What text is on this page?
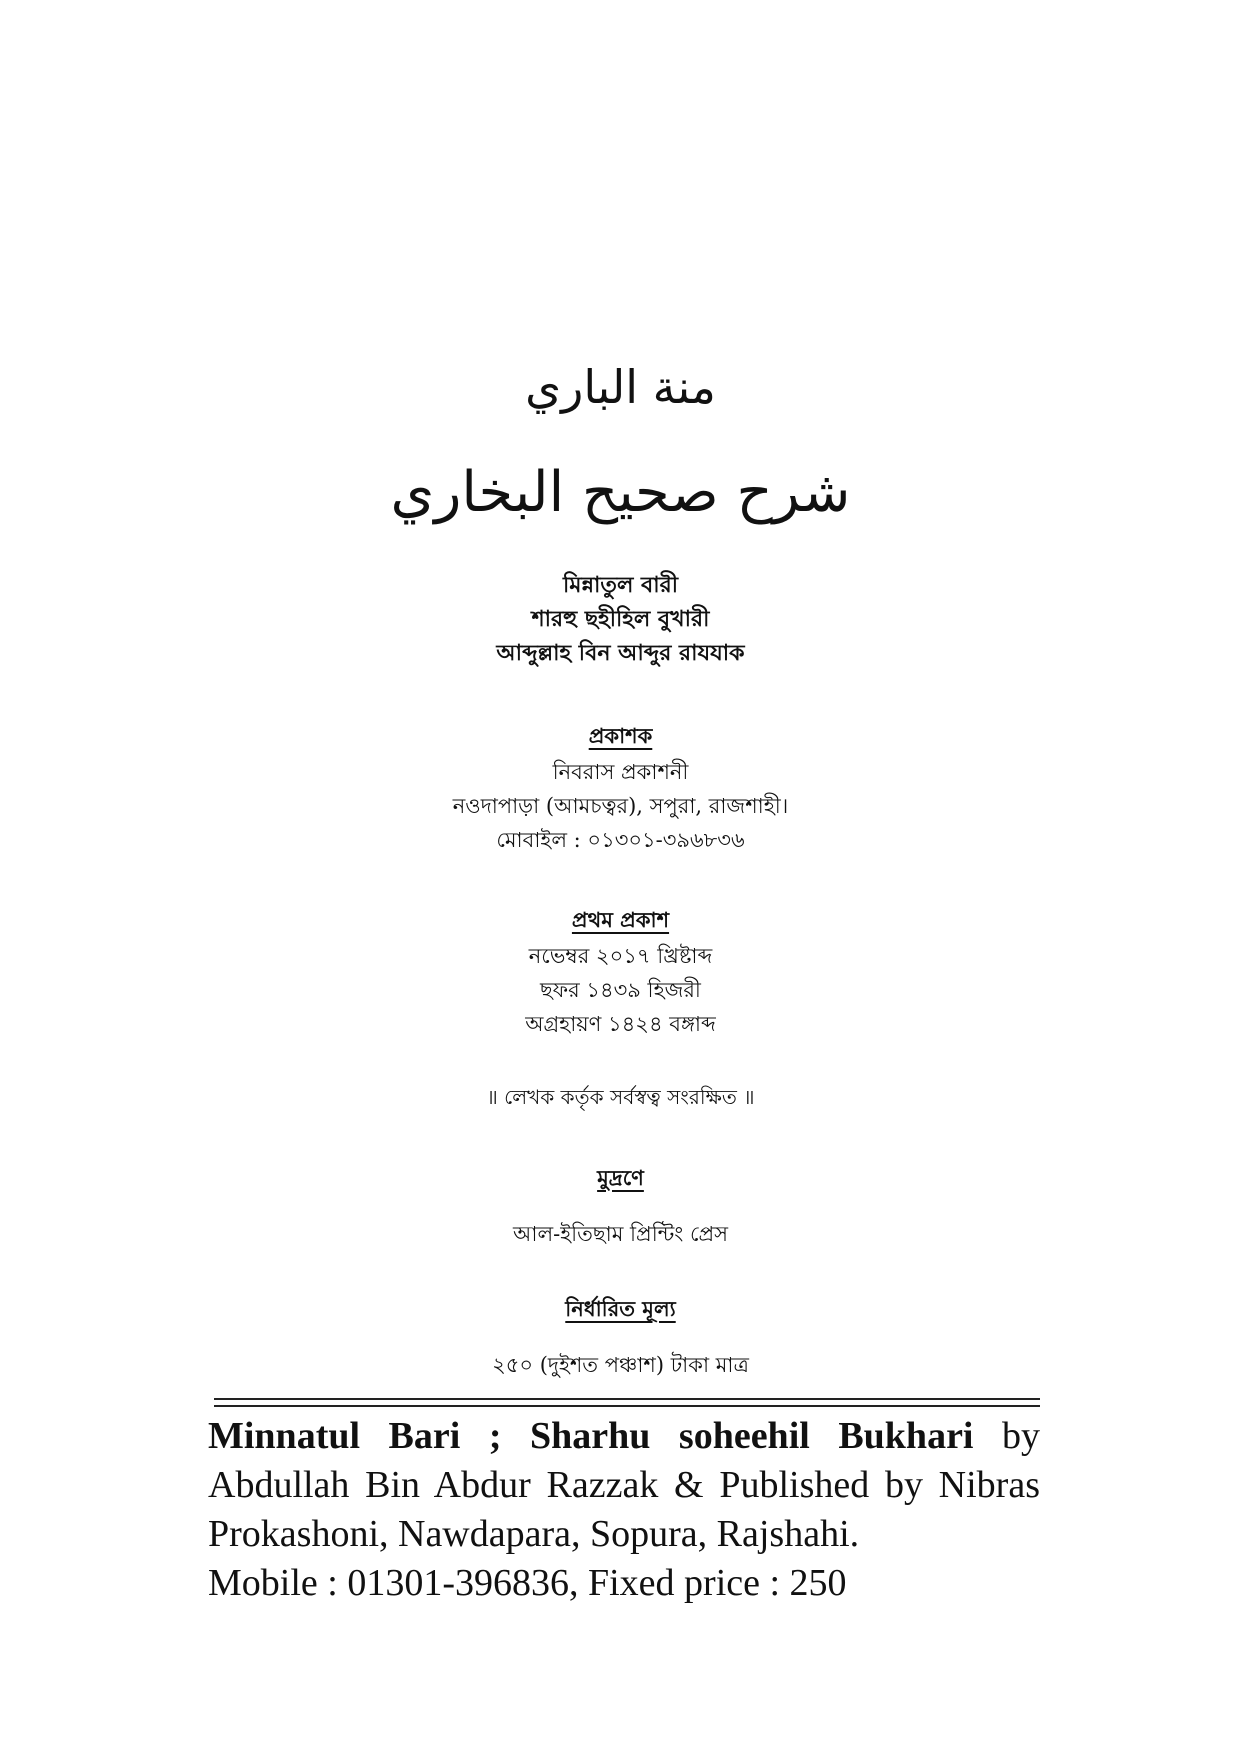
منة الباري
شرح صحيح البخاري
মিন্নাতুল বারী
শারহু ছহীহিল বুখারী
আব্দুল্লাহ বিন আব্দুর রাযযাক
প্রকাশক
নিবরাস প্রকাশনী
নওদাপাড়া (আমচত্বর), সপুরা, রাজশাহী।
মোবাইল : ০১৩০১-৩৯৬৮৩৬
প্রথম প্রকাশ
নভেম্বর ২০১৭ খ্রিষ্টাব্দ
ছফর ১৪৩৯ হিজরী
অগ্রহায়ণ ১৪২৪ বঙ্গাব্দ
॥ লেখক কর্তৃক সর্বস্বত্ব সংরক্ষিত ॥
মুদ্রণে
আল-ইতিছাম প্রিন্টিং প্রেস
নির্ধারিত মূল্য
২৫০ (দুইশত পঞ্চাশ) টাকা মাত্র
Minnatul Bari ; Sharhu soheehil Bukhari by Abdullah Bin Abdur Razzak & Published by Nibras Prokashoni, Nawdapara, Sopura, Rajshahi.
Mobile : 01301-396836, Fixed price : 250
